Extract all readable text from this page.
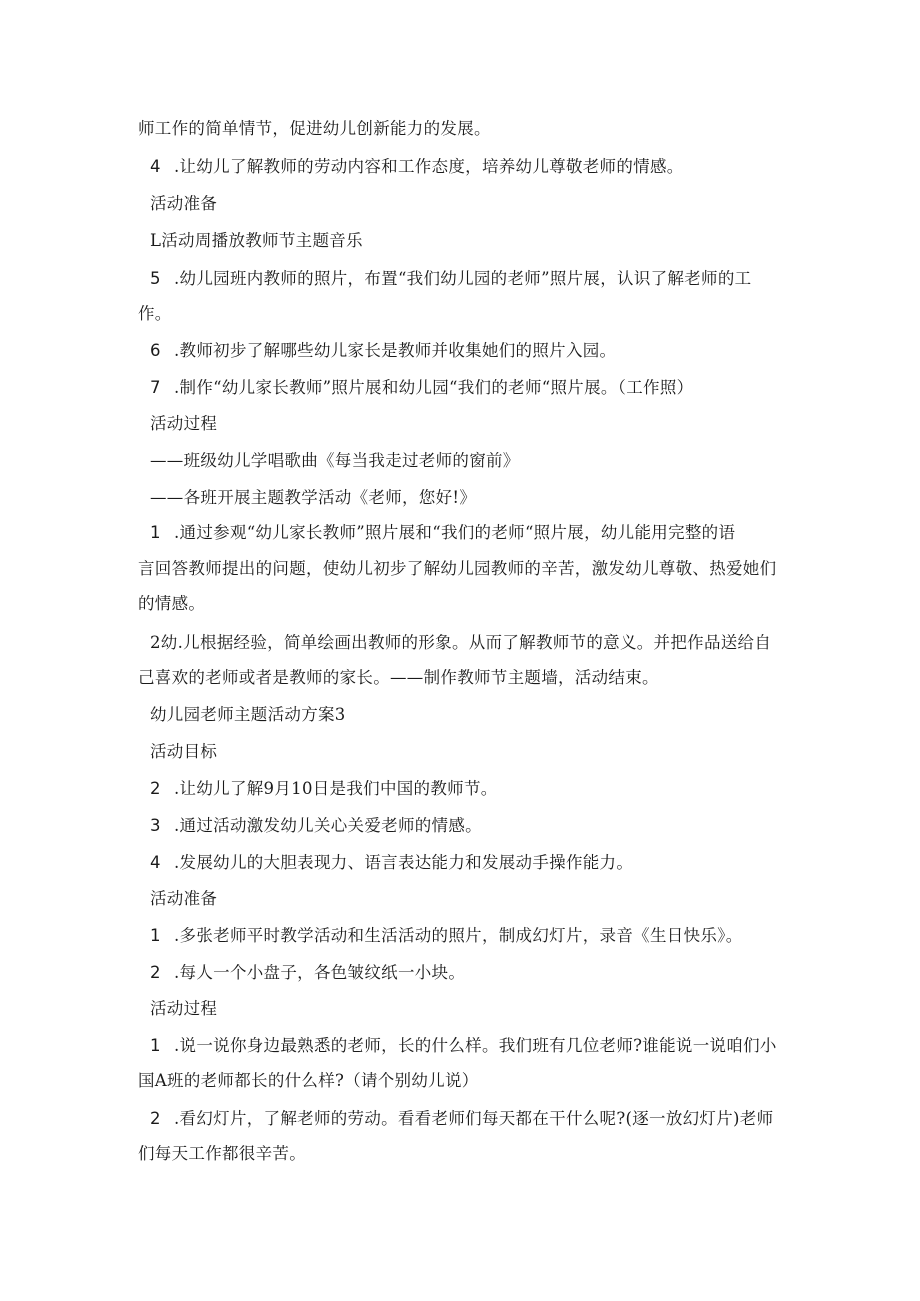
师工作的简单情节，促进幼儿创新能力的发展。
4 .让幼儿了解教师的劳动内容和工作态度，培养幼儿尊敬老师的情感。
活动准备
L活动周播放教师节主题音乐
5 .幼儿园班内教师的照片，布置“我们幼儿园的老师”照片展，认识了解老师的工
作。
6 .教师初步了解哪些幼儿家长是教师并收集她们的照片入园。
7 .制作“幼儿家长教师”照片展和幼儿园“我们的老师“照片展。（工作照）
活动过程
——班级幼儿学唱歌曲《每当我走过老师的窗前》
——各班开展主题教学活动《老师，您好!》
1 .通过参观“幼儿家长教师”照片展和“我们的老师“照片展，幼儿能用完整的语
言回答教师提出的问题，使幼儿初步了解幼儿园教师的辛苦，激发幼儿尊敬、热爱她们
的情感。
2幼.儿根据经验，简单绘画出教师的形象。从而了解教师节的意义。并把作品送给自
己喜欢的老师或者是教师的家长。——制作教师节主题墙，活动结束。
幼儿园老师主题活动方案3
活动目标
2 .让幼儿了解9月10日是我们中国的教师节。
3 .通过活动激发幼儿关心关爱老师的情感。
4 .发展幼儿的大胆表现力、语言表达能力和发展动手操作能力。
活动准备
1 .多张老师平时教学活动和生活活动的照片，制成幻灯片，录音《生日快乐》。
2 .每人一个小盘子，各色皱纹纸一小块。
活动过程
1 .说一说你身边最熟悉的老师，长的什么样。我们班有几位老师?谁能说一说咱们小
国A班的老师都长的什么样?（请个别幼儿说）
2 .看幻灯片，了解老师的劳动。看看老师们每天都在干什么呢?(逐一放幻灯片)老师
们每天工作都很辛苦。
